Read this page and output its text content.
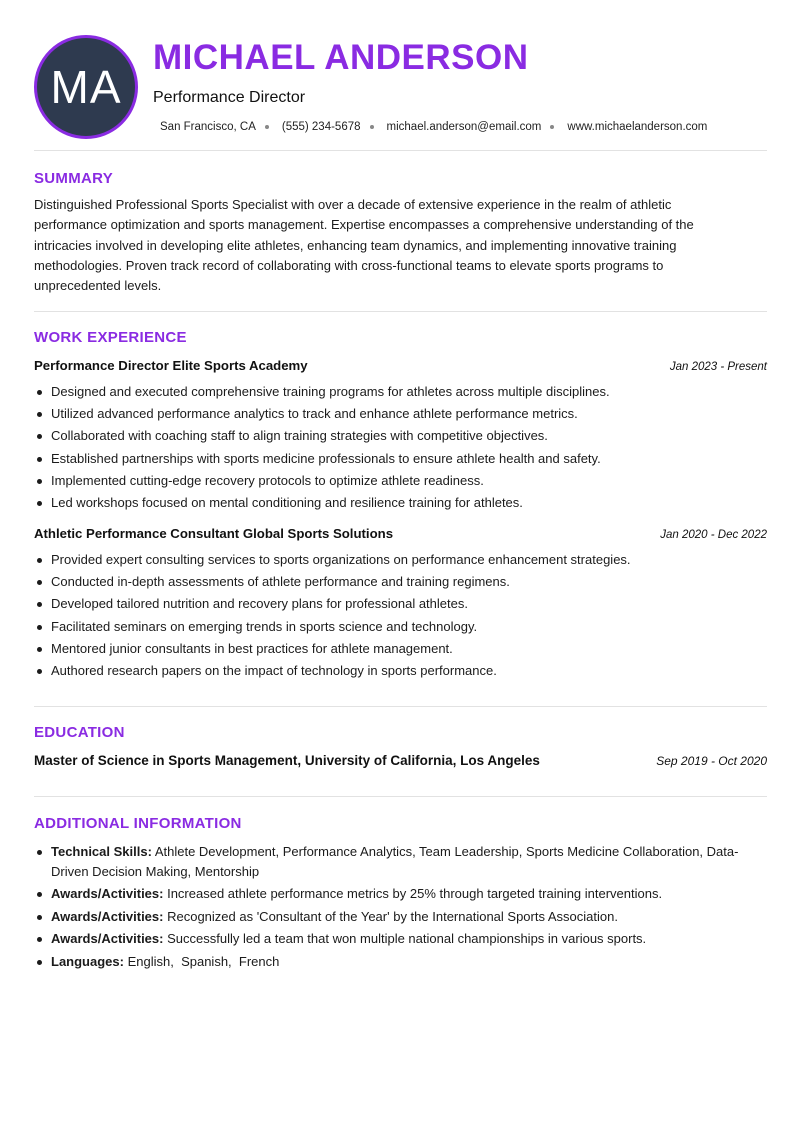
MA
MICHAEL ANDERSON
Performance Director
San Francisco, CA (555) 234-5678 michael.anderson@email.com www.michaelanderson.com
SUMMARY

Distinguished Professional Sports Specialist with over a decade of extensive experience in the realm of athletic performance optimization and sports management. Expertise encompasses a comprehensive understanding of the intricacies involved in developing elite athletes, enhancing team dynamics, and implementing innovative training methodologies. Proven track record of collaborating with cross-functional teams to elevate sports programs to unprecedented levels.

WORK EXPERIENCE
Performance Director Elite Sports Academy	Jan 2023 - Present
Designed and executed comprehensive training programs for athletes across multiple disciplines.
Utilized advanced performance analytics to track and enhance athlete performance metrics.
Collaborated with coaching staff to align training strategies with competitive objectives.
Established partnerships with sports medicine professionals to ensure athlete health and safety.
Implemented cutting-edge recovery protocols to optimize athlete readiness.
Led workshops focused on mental conditioning and resilience training for athletes.
Athletic Performance Consultant Global Sports Solutions	Jan 2020 - Dec 2022
Provided expert consulting services to sports organizations on performance enhancement strategies.
Conducted in-depth assessments of athlete performance and training regimens.
Developed tailored nutrition and recovery plans for professional athletes.
Facilitated seminars on emerging trends in sports science and technology.
Mentored junior consultants in best practices for athlete management.
Authored research papers on the impact of technology in sports performance.
EDUCATION
Master of Science in Sports Management, University of California, Los Angeles	Sep 2019 - Oct 2020
ADDITIONAL INFORMATION
Technical Skills: Athlete Development, Performance Analytics, Team Leadership, Sports Medicine Collaboration, Data-Driven Decision Making, Mentorship
Awards/Activities: Increased athlete performance metrics by 25% through targeted training interventions.
Awards/Activities: Recognized as 'Consultant of the Year' by the International Sports Association.
Awards/Activities: Successfully led a team that won multiple national championships in various sports.
Languages: English,  Spanish,  French
